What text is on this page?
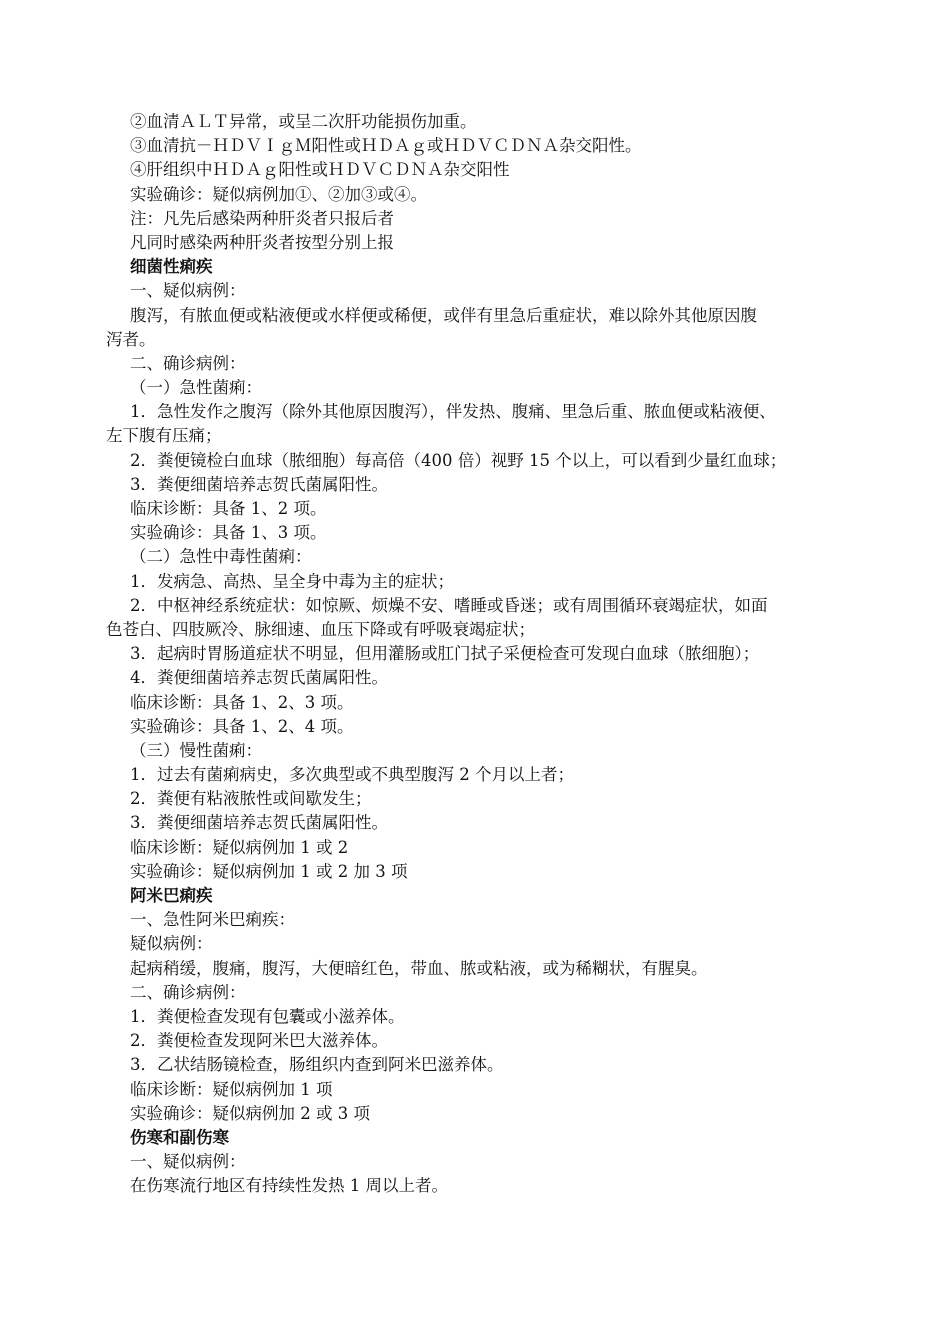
②血清ＡＬＴ异常，或呈二次肝功能损伤加重。
③血清抗－ＨＤＶＩｇＭ阳性或ＨＤＡｇ或ＨＤＶＣＤＮＡ杂交阳性。
④肝组织中ＨＤＡｇ阳性或ＨＤＶＣＤＮＡ杂交阳性
实验确诊：疑似病例加①、②加③或④。
注：凡先后感染两种肝炎者只报后者
凡同时感染两种肝炎者按型分别上报
细菌性痢疾
一、疑似病例：
腹泻，有脓血便或粘液便或水样便或稀便，或伴有里急后重症状，难以除外其他原因腹
泻者。
二、确诊病例：
（一）急性菌痢：
1．急性发作之腹泻（除外其他原因腹泻），伴发热、腹痛、里急后重、脓血便或粘液便、
左下腹有压痛；
2．粪便镜检白血球（脓细胞）每高倍（400 倍）视野 15 个以上，可以看到少量红血球；
3．粪便细菌培养志贺氏菌属阳性。
临床诊断：具备 1、2 项。
实验确诊：具备 1、3 项。
（二）急性中毒性菌痢：
1．发病急、高热、呈全身中毒为主的症状；
2．中枢神经系统症状：如惊厥、烦燥不安、嗜睡或昏迷；或有周围循环衰竭症状，如面
色苍白、四肢厥冷、脉细速、血压下降或有呼吸衰竭症状；
3．起病时胃肠道症状不明显，但用灌肠或肛门拭子采便检查可发现白血球（脓细胞）；
4．粪便细菌培养志贺氏菌属阳性。
临床诊断：具备 1、2、3 项。
实验确诊：具备 1、2、4 项。
（三）慢性菌痢：
1．过去有菌痢病史，多次典型或不典型腹泻 2 个月以上者；
2．粪便有粘液脓性或间歇发生；
3．粪便细菌培养志贺氏菌属阳性。
临床诊断：疑似病例加 1 或 2
实验确诊：疑似病例加 1 或 2 加 3 项
阿米巴痢疾
一、急性阿米巴痢疾：
疑似病例：
起病稍缓，腹痛，腹泻，大便暗红色，带血、脓或粘液，或为稀糊状，有腥臭。
二、确诊病例：
1．粪便检查发现有包囊或小滋养体。
2．粪便检查发现阿米巴大滋养体。
3．乙状结肠镜检查，肠组织内查到阿米巴滋养体。
临床诊断：疑似病例加 1 项
实验确诊：疑似病例加 2 或 3 项
伤寒和副伤寒
一、疑似病例：
在伤寒流行地区有持续性发热 1 周以上者。
